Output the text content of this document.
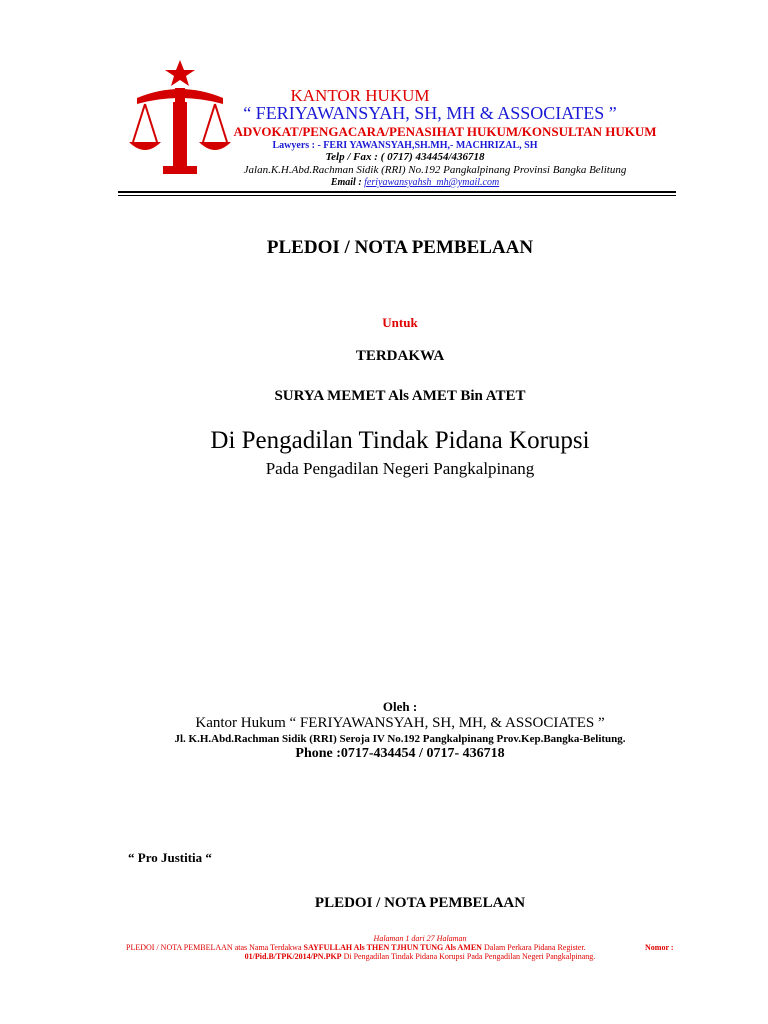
KANTOR HUKUM
“ FERIYAWANSYAH, SH, MH & ASSOCIATES ”
ADVOKAT/PENGACARA/PENASIHAT HUKUM/KONSULTAN HUKUM
Lawyers : - FERI YAWANSYAH,SH.MH,- MACHRIZAL, SH
Telp / Fax : ( 0717) 434454/436718
Jalan.K.H.Abd.Rachman Sidik (RRI) No.192 Pangkalpinang Provinsi Bangka Belitung
Email : feriyawansyahsh_mh@ymail.com
PLEDOI / NOTA PEMBELAAN
Untuk
TERDAKWA
SURYA MEMET Als AMET Bin ATET
Di Pengadilan Tindak Pidana Korupsi
Pada Pengadilan Negeri Pangkalpinang
Oleh :
Kantor Hukum “ FERIYAWANSYAH, SH, MH, & ASSOCIATES ”
Jl. K.H.Abd.Rachman Sidik (RRI) Seroja IV No.192 Pangkalpinang Prov.Kep.Bangka-Belitung.
Phone :0717-434454 / 0717- 436718
“ Pro Justitia “
PLEDOI / NOTA PEMBELAAN
Halaman 1 dari 27 Halaman
PLEDOI / NOTA PEMBELAAN atas Nama Terdakwa SAYFULLAH Als THEN TJHUN TUNG Als AMEN Dalam Perkara Pidana Register.	Nomor :
01/Pid.B/TPK/2014/PN.PKP Di Pengadilan Tindak Pidana Korupsi Pada Pengadilan Negeri Pangkalpinang.
